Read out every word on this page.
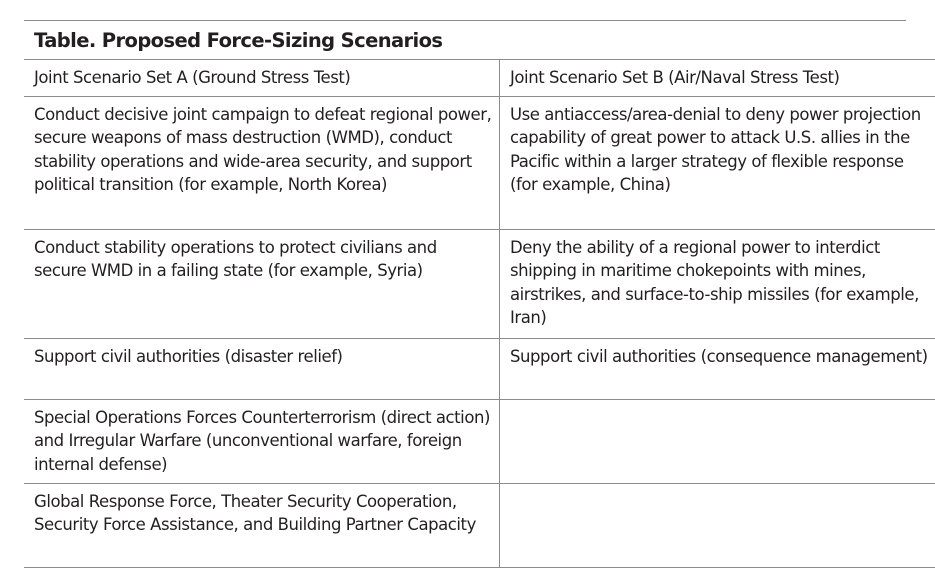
Table. Proposed Force-Sizing Scenarios
Joint Scenario Set A (Ground Stress Test)	Joint Scenario Set B (Air/Naval Stress Test)
Conduct decisive joint campaign to defeat regional power, secure weapons of mass destruction (WMD), conduct stability operations and wide-area security, and support political transition (for example, North Korea)	Use antiaccess/area-denial to deny power projection capability of great power to attack U.S. allies in the Pacific within a larger strategy of flexible response (for example, China)
Conduct stability operations to protect civilians and secure WMD in a failing state (for example, Syria)	Deny the ability of a regional power to interdict shipping in maritime chokepoints with mines, airstrikes, and surface-to-ship missiles (for example, Iran)
Support civil authorities (disaster relief)	Support civil authorities (consequence management)
Special Operations Forces Counterterrorism (direct action) and Irregular Warfare (unconventional warfare, foreign internal defense)	
Global Response Force, Theater Security Cooperation, Security Force Assistance, and Building Partner Capacity	
